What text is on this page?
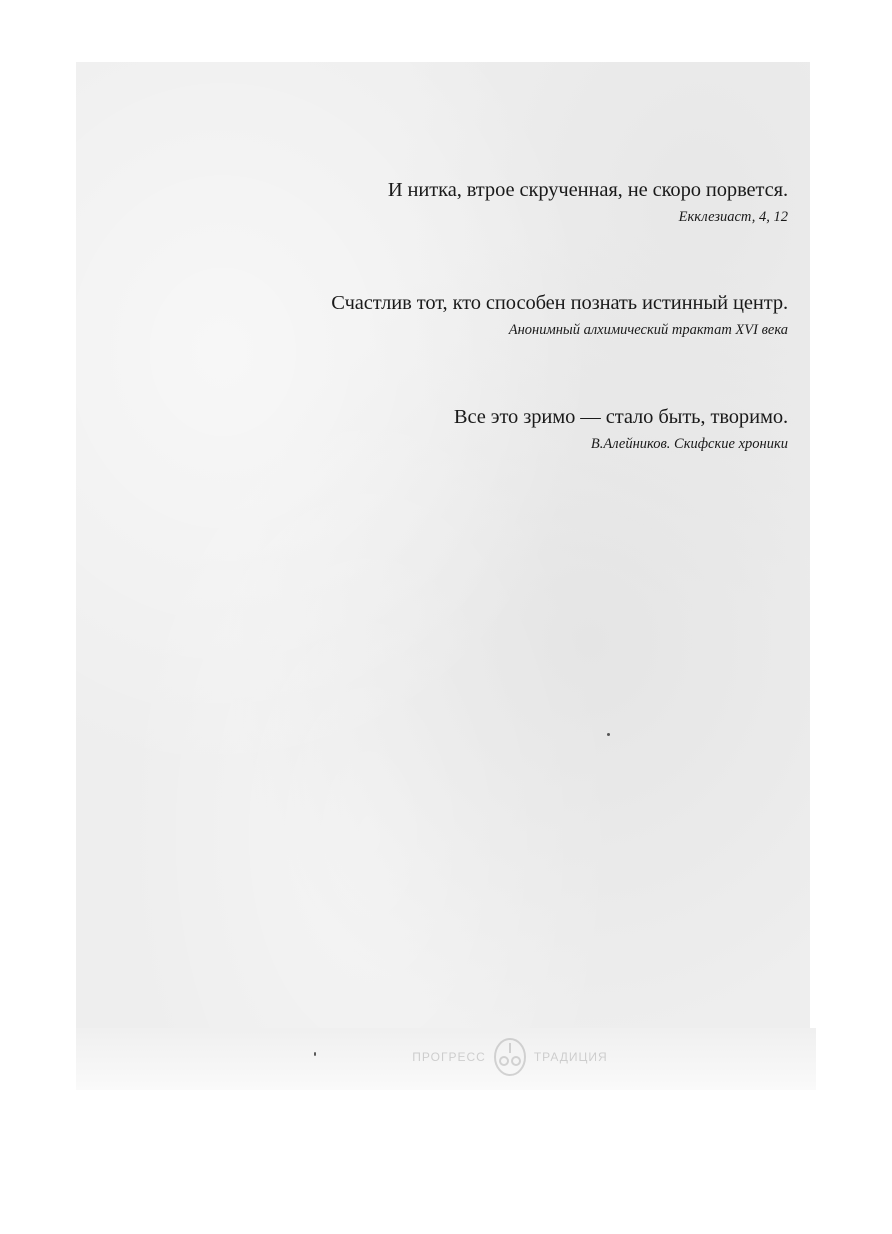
И нитка, втрое скрученная, не скоро порвется.
Екклезиаст, 4, 12
Счастлив тот, кто способен познать истинный центр.
Анонимный алхимический трактат XVI века
Все это зримо — стало быть, творимо.
В.Алейников. Скифские хроники
ПРОГРЕСС	ТРАДИЦИЯ
